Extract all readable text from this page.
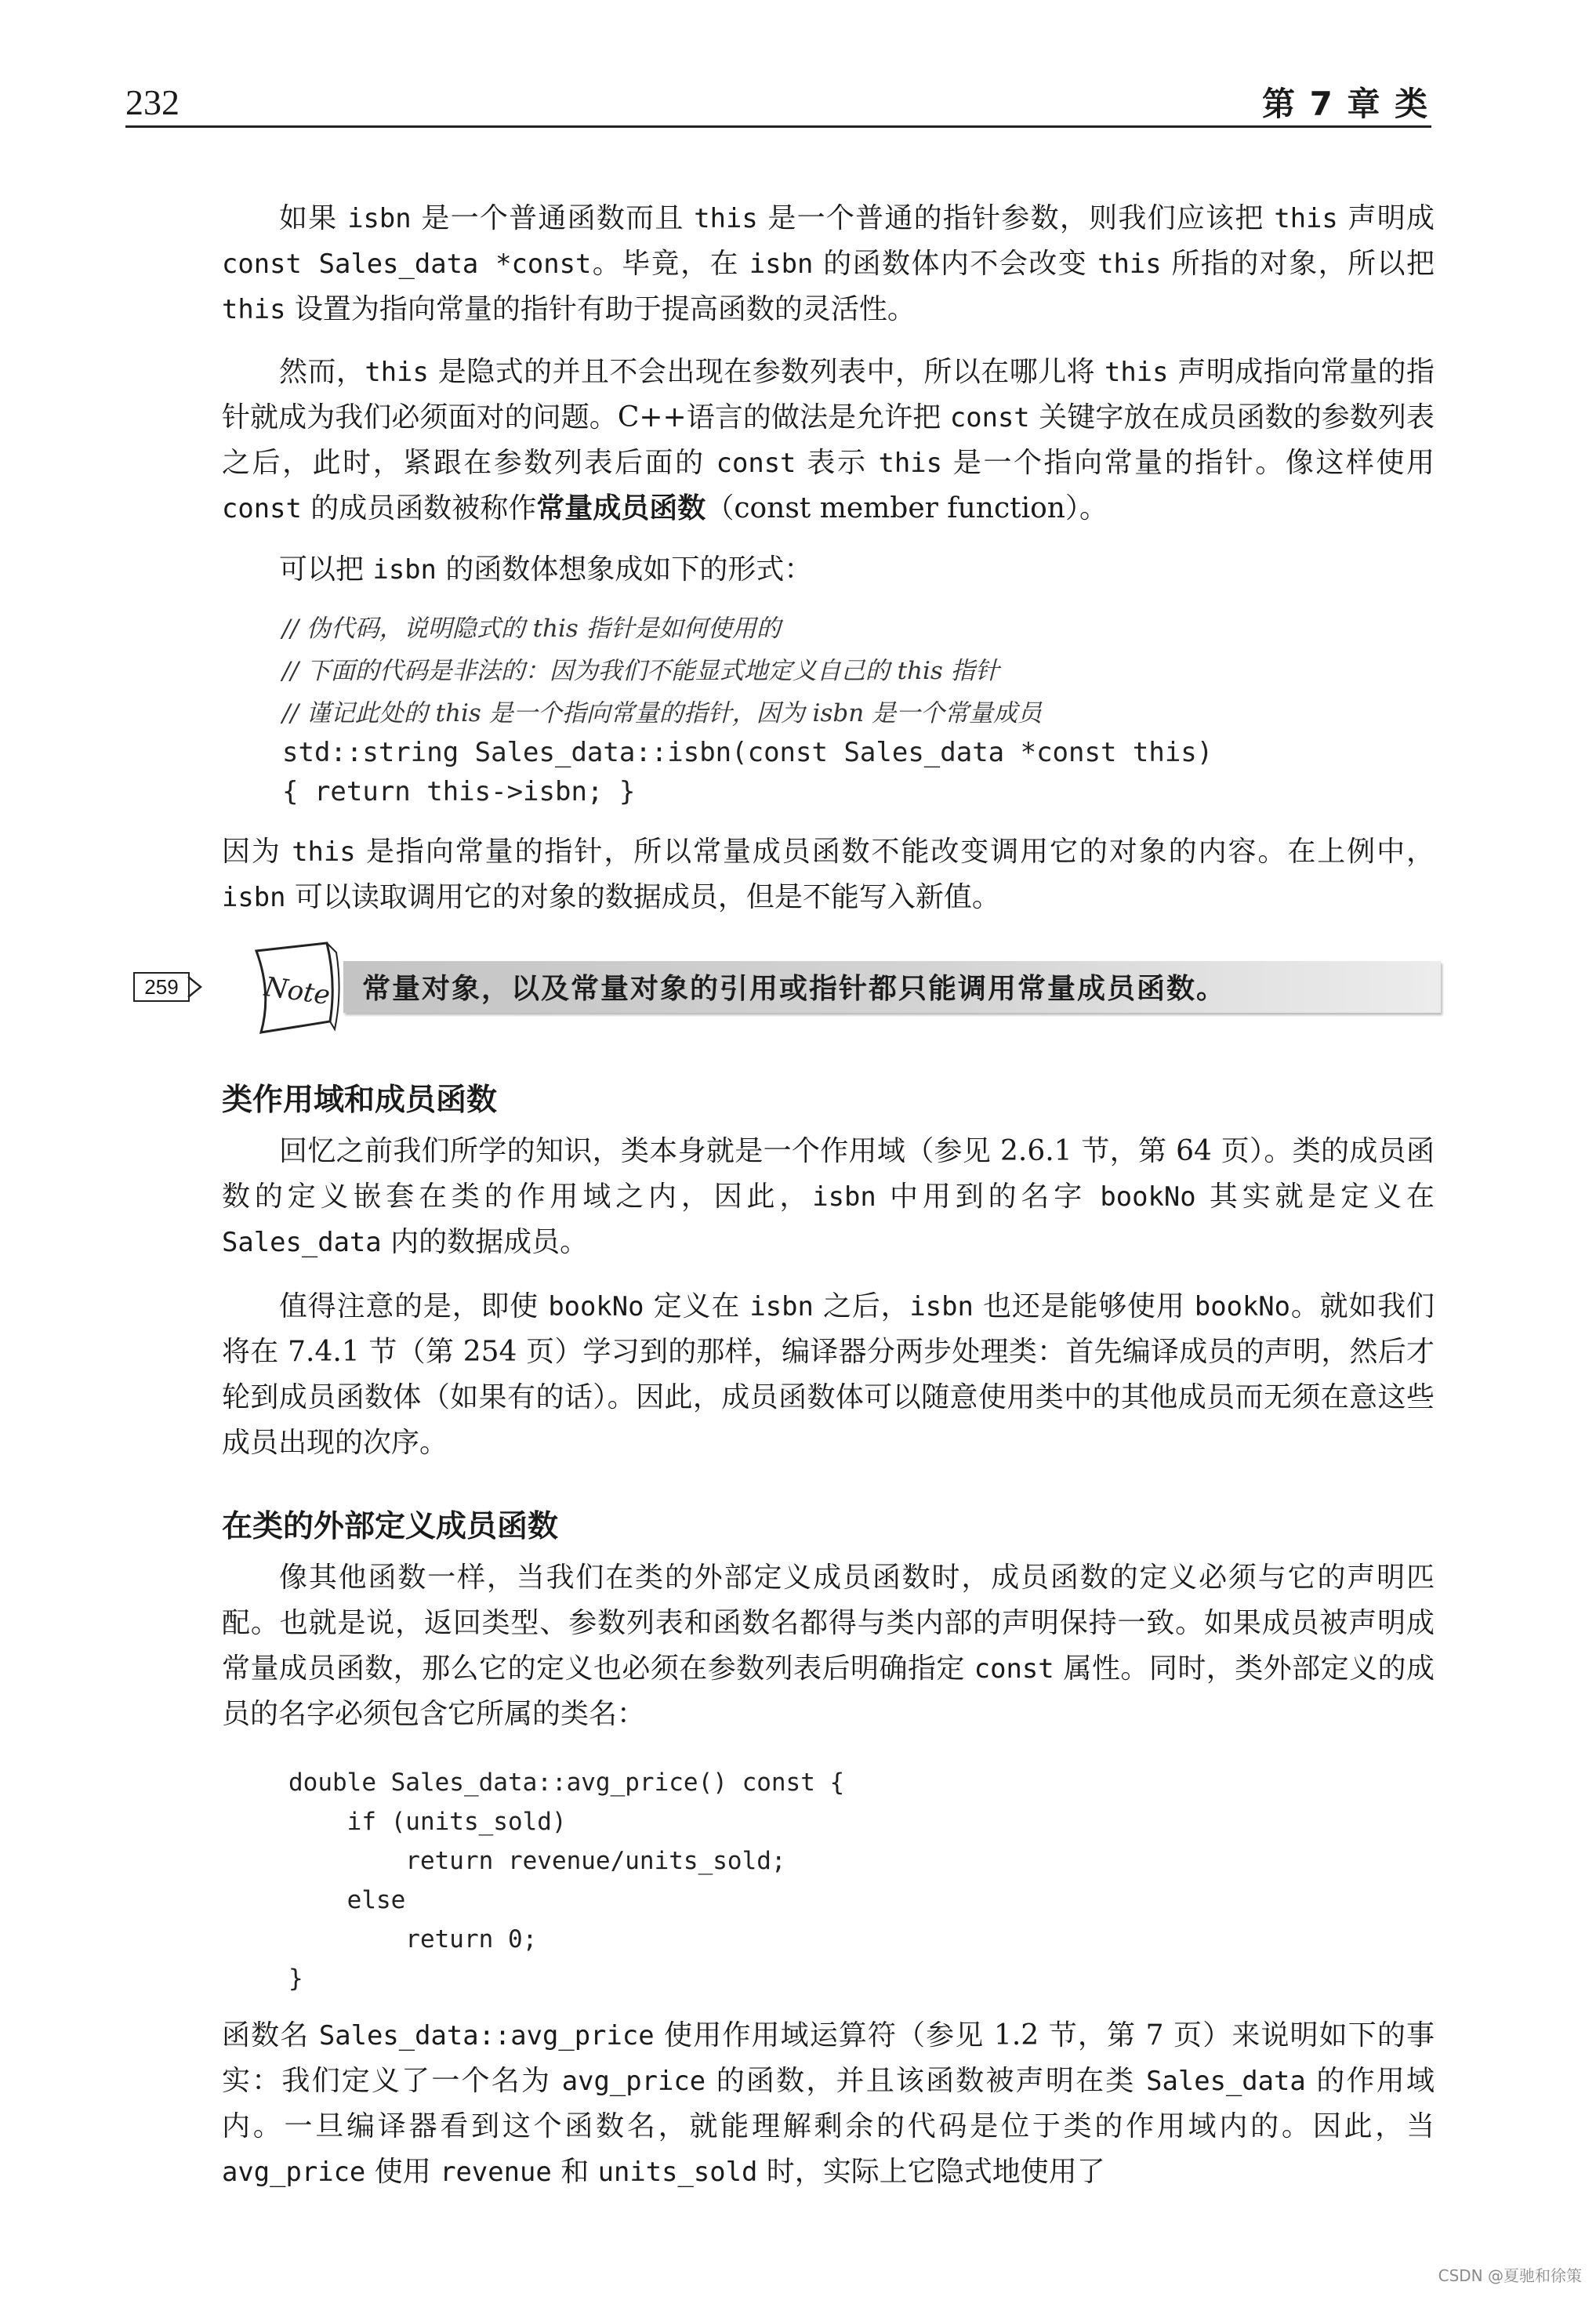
232	第 7 章 类
如果 isbn 是一个普通函数而且 this 是一个普通的指针参数，则我们应该把 this 声明成 const Sales_data *const。毕竟，在 isbn 的函数体内不会改变 this 所指的对象，所以把 this 设置为指向常量的指针有助于提高函数的灵活性。
然而，this 是隐式的并且不会出现在参数列表中，所以在哪儿将 this 声明成指向常量的指针就成为我们必须面对的问题。C++语言的做法是允许把 const 关键字放在成员函数的参数列表之后，此时，紧跟在参数列表后面的 const 表示 this 是一个指向常量的指针。像这样使用 const 的成员函数被称作常量成员函数（const member function）。
可以把 isbn 的函数体想象成如下的形式：
// 伪代码，说明隐式的 this 指针是如何使用的
// 下面的代码是非法的：因为我们不能显式地定义自己的 this 指针
// 谨记此处的 this 是一个指向常量的指针，因为 isbn 是一个常量成员
std::string Sales_data::isbn(const Sales_data *const this)
{ return this->isbn; }
因为 this 是指向常量的指针，所以常量成员函数不能改变调用它的对象的内容。在上例中，isbn 可以读取调用它的对象的数据成员，但是不能写入新值。
259	Note 常量对象，以及常量对象的引用或指针都只能调用常量成员函数。
类作用域和成员函数
回忆之前我们所学的知识，类本身就是一个作用域（参见 2.6.1 节，第 64 页）。类的成员函数的定义嵌套在类的作用域之内，因此，isbn 中用到的名字 bookNo 其实就是定义在 Sales_data 内的数据成员。
值得注意的是，即使 bookNo 定义在 isbn 之后，isbn 也还是能够使用 bookNo。就如我们将在 7.4.1 节（第 254 页）学习到的那样，编译器分两步处理类：首先编译成员的声明，然后才轮到成员函数体（如果有的话）。因此，成员函数体可以随意使用类中的其他成员而无须在意这些成员出现的次序。
在类的外部定义成员函数
像其他函数一样，当我们在类的外部定义成员函数时，成员函数的定义必须与它的声明匹配。也就是说，返回类型、参数列表和函数名都得与类内部的声明保持一致。如果成员被声明成常量成员函数，那么它的定义也必须在参数列表后明确指定 const 属性。同时，类外部定义的成员的名字必须包含它所属的类名：
double Sales_data::avg_price() const {
if (units_sold)
return revenue/units_sold;
else
return 0;
}
函数名 Sales_data::avg_price 使用作用域运算符（参见 1.2 节，第 7 页）来说明如下的事实：我们定义了一个名为 avg_price 的函数，并且该函数被声明在类 Sales_data 的作用域内。一旦编译器看到这个函数名，就能理解剩余的代码是位于类的作用域内的。因此，当 avg_price 使用 revenue 和 units_sold 时，实际上它隐式地使用了
CSDN @夏驰和徐策
